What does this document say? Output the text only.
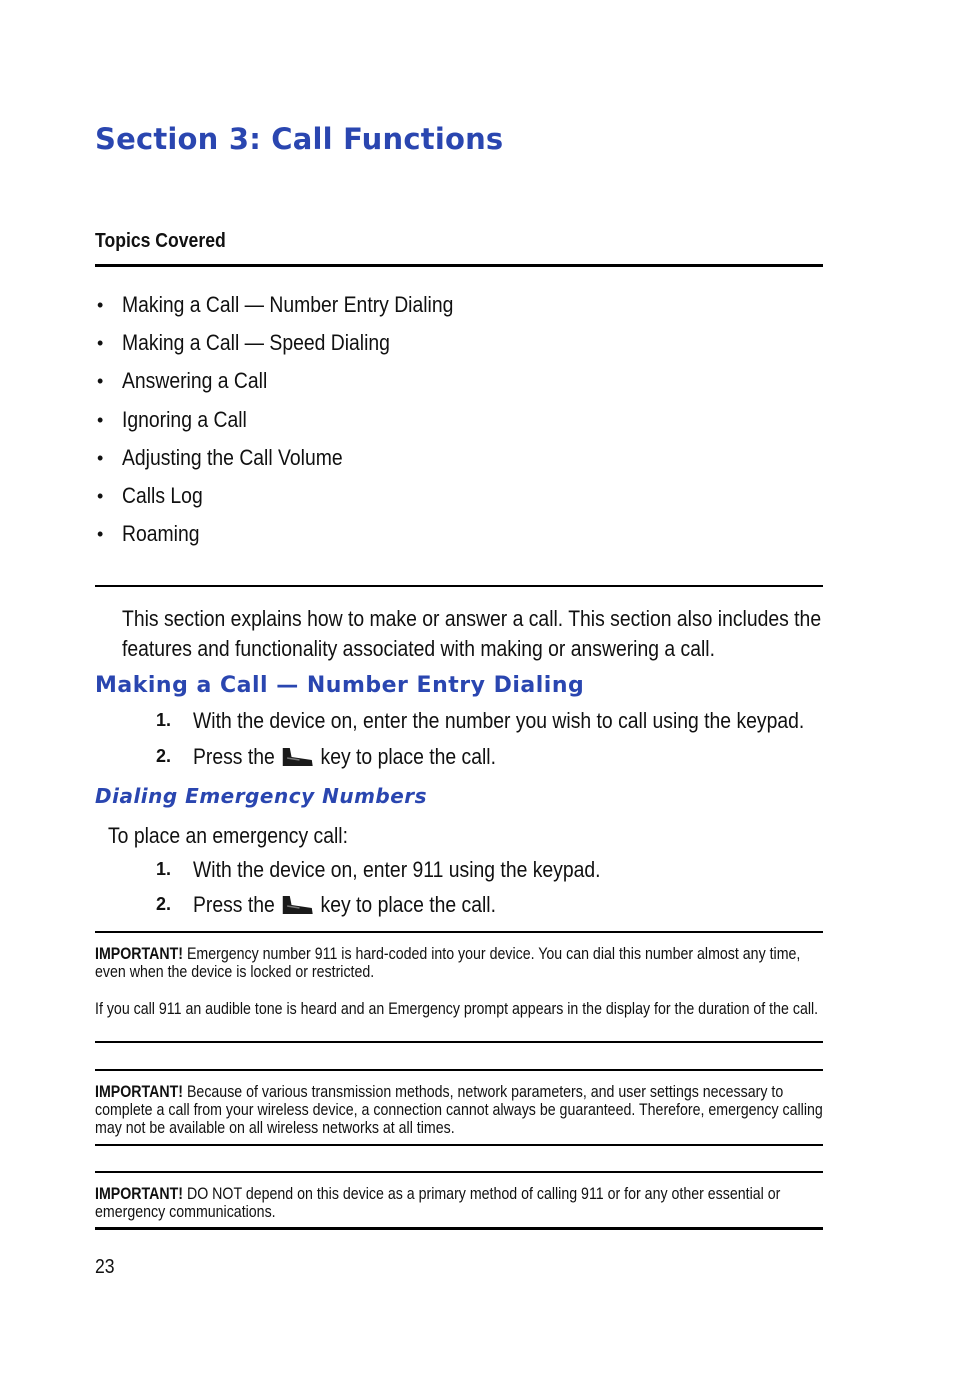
Section 3: Call Functions
Topics Covered
• Making a Call — Number Entry Dialing
• Making a Call — Speed Dialing
• Answering a Call
• Ignoring a Call
• Adjusting the Call Volume
• Calls Log
• Roaming
This section explains how to make or answer a call. This section also includes the
features and functionality associated with making or answering a call.
Making a Call — Number Entry Dialing
1. With the device on, enter the number you wish to call using the keypad.
2. Press the key to place the call.
Dialing Emergency Numbers
To place an emergency call:
1. With the device on, enter 911 using the keypad.
2. Press the key to place the call.

IMPORTANT! Emergency number 911 is hard-coded into your device. You can dial this number almost any time, even when the device is locked or restricted.

If you call 911 an audible tone is heard and an Emergency prompt appears in the display for the duration of the call.

IMPORTANT! Because of various transmission methods, network parameters, and user settings necessary to complete a call from your wireless device, a connection cannot always be guaranteed. Therefore, emergency calling may not be available on all wireless networks at all times.

IMPORTANT! DO NOT depend on this device as a primary method of calling 911 or for any other essential or emergency communications.

23
